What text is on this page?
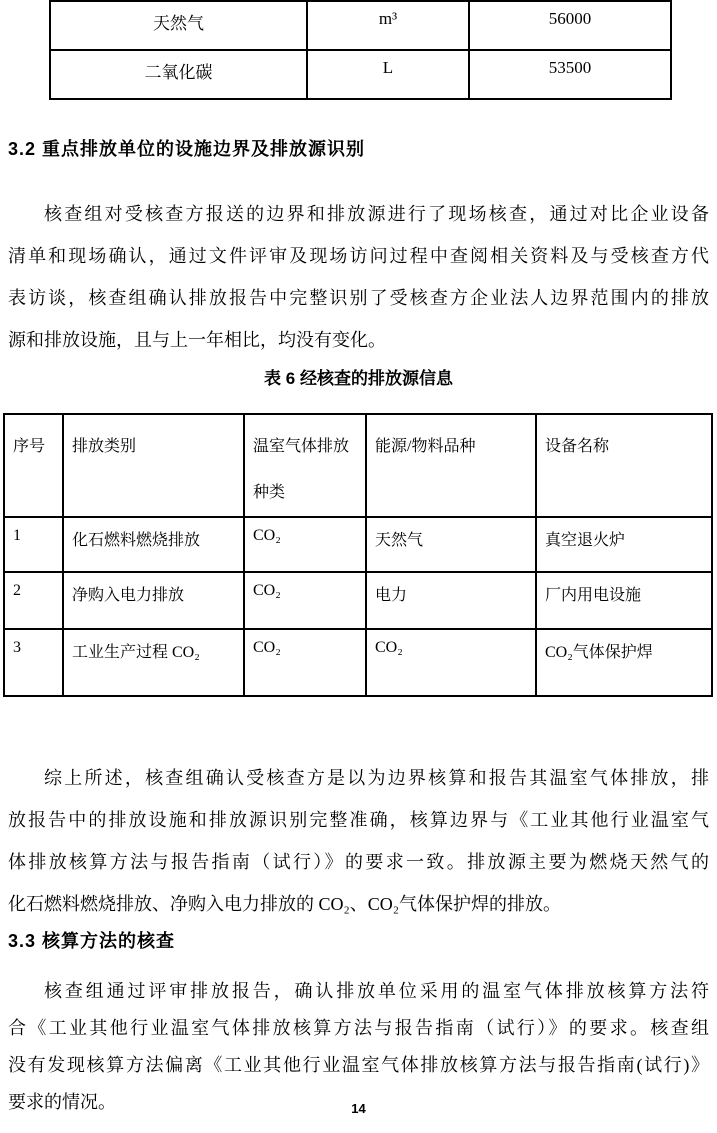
天然气	m³	56000
二氧化碳	L	53500
3.2 重点排放单位的设施边界及排放源识别
核查组对受核查方报送的边界和排放源进行了现场核查，通过对比企业设备
清单和现场确认，通过文件评审及现场访问过程中查阅相关资料及与受核查方代
表访谈，核查组确认排放报告中完整识别了受核查方企业法人边界范围内的排放
源和排放设施，且与上一年相比，均没有变化。
表 6 经核查的排放源信息
序号	排放类别	温室气体排放种类	能源/物料品种	设备名称
1	化石燃料燃烧排放	CO₂	天然气	真空退火炉
2	净购入电力排放	CO₂	电力	厂内用电设施
3	工业生产过程 CO₂	CO₂	CO₂	CO₂气体保护焊
综上所述，核查组确认受核查方是以为边界核算和报告其温室气体排放，排
放报告中的排放设施和排放源识别完整准确，核算边界与《工业其他行业温室气
体排放核算方法与报告指南（试行）》的要求一致。排放源主要为燃烧天然气的
化石燃料燃烧排放、净购入电力排放的 CO₂、CO₂气体保护焊的排放。
3.3 核算方法的核查
核查组通过评审排放报告，确认排放单位采用的温室气体排放核算方法符
合《工业其他行业温室气体排放核算方法与报告指南（试行）》的要求。核查组
没有发现核算方法偏离《工业其他行业温室气体排放核算方法与报告指南(试行)》
要求的情况。	14
